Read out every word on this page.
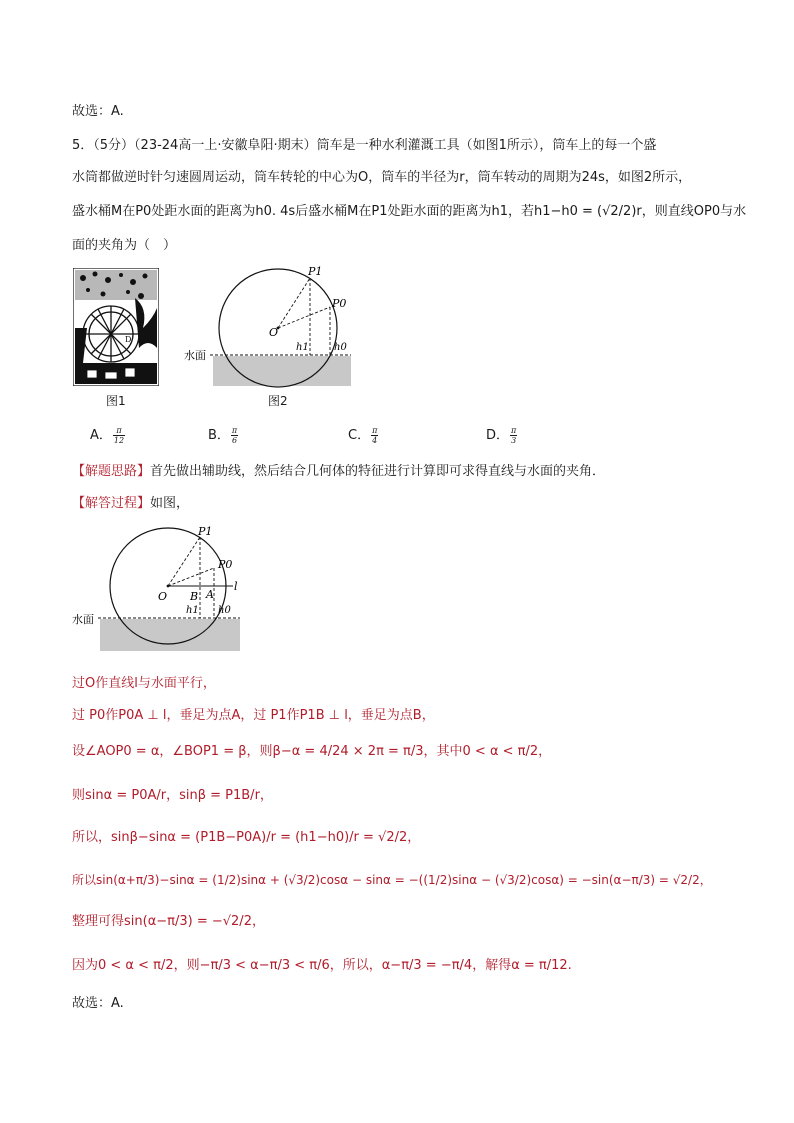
故选：A.
5．（5分）（23-24高一上·安徽阜阳·期末）筒车是一种水利灌溉工具（如图1所示），筒车上的每一个盛
水筒都做逆时针匀速圆周运动，筒车转轮的中心为O，筒车的半径为r，筒车转动的周期为24s，如图2所示，
盛水桶M在P0处距水面的距离为h0. 4s后盛水桶M在P1处距水面的距离为h1，若h1−h0 = (√2/2)r，则直线OP0与水
面的夹角为（　）
D
图1
O
P1
P0
h1	h0
水面
图2
A． $\frac{\pi}{12}$	B． $\frac{\pi}{6}$	C． $\frac{\pi}{4}$	D． $\frac{\pi}{3}$
【解题思路】首先做出辅助线，然后结合几何体的特征进行计算即可求得直线与水面的夹角．
【解答过程】如图，
O B A
l
P1
P0
h1 h0
水面
过O作直线l与水面平行，
过 P0作P0A ⊥ l，垂足为点A，过 P1作P1B ⊥ l，垂足为点B，
设∠AOP0 = α，∠BOP1 = β，则β−α = 4/24 × 2π = π/3，其中0 < α < π/2，
则sinα = P0A/r，sinβ = P1B/r，
所以，sinβ−sinα = (P1B−P0A)/r = (h1−h0)/r = √2/2，
所以sin(α+π/3)−sinα = (1/2)sinα + (√3/2)cosα − sinα = −((1/2)sinα − (√3/2)cosα) = −sin(α−π/3) = √2/2，
整理可得sin(α−π/3) = −√2/2，
因为0 < α < π/2，则−π/3 < α−π/3 < π/6，所以，α−π/3 = −π/4，解得α = π/12.
故选：A.
